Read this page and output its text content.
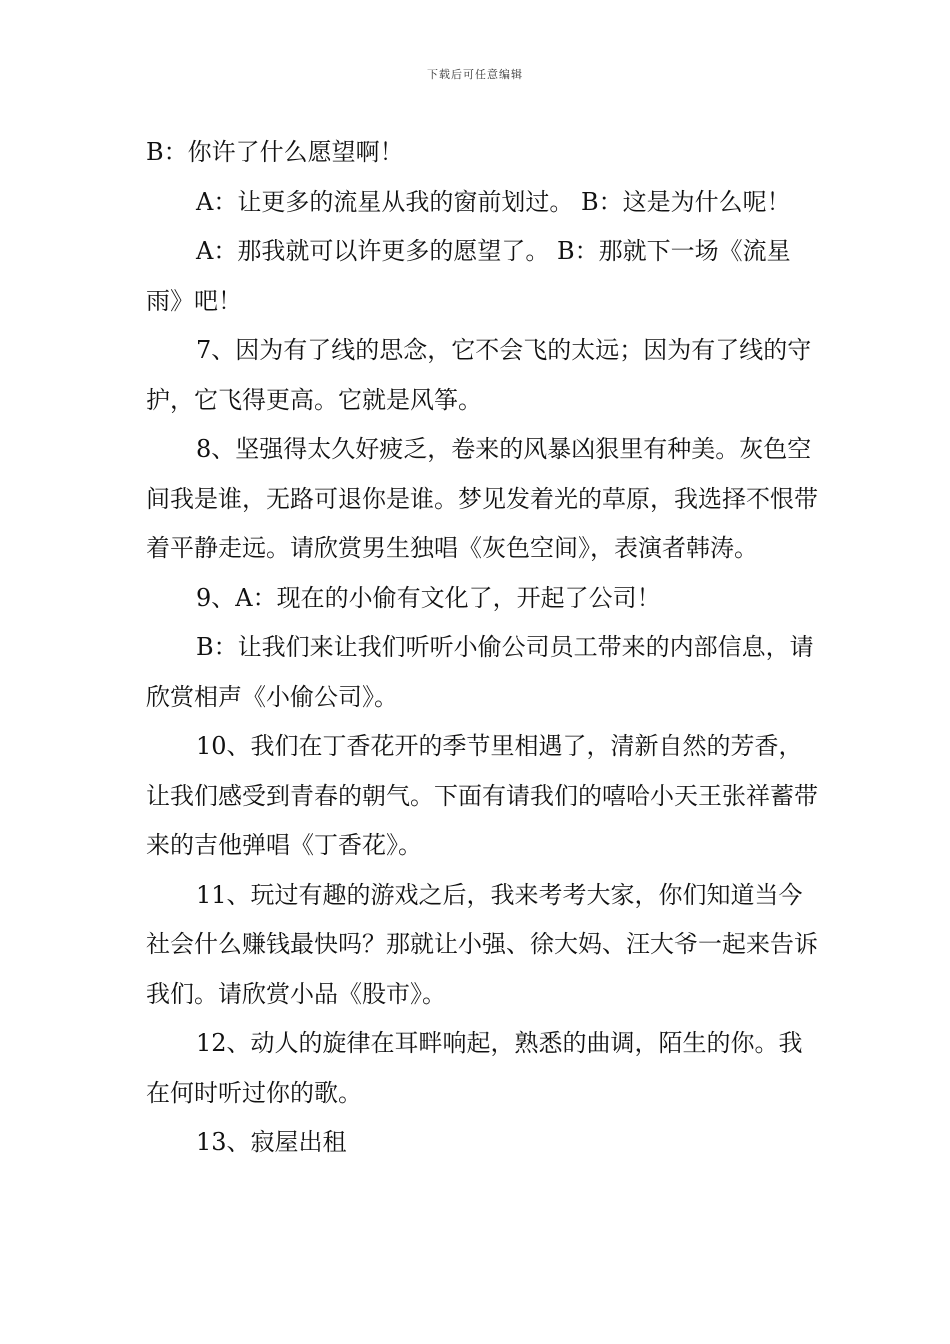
下载后可任意编辑

B：你许了什么愿望啊！

A：让更多的流星从我的窗前划过。 B：这是为什么呢！

A：那我就可以许更多的愿望了。 B：那就下一场《流星雨》吧！

7、因为有了线的思念，它不会飞的太远；因为有了线的守护，它飞得更高。它就是风筝。

8、坚强得太久好疲乏，卷来的风暴凶狠里有种美。灰色空间我是谁，无路可退你是谁。梦见发着光的草原，我选择不恨带着平静走远。请欣赏男生独唱《灰色空间》，表演者韩涛。

9、A：现在的小偷有文化了，开起了公司！

B：让我们来让我们听听小偷公司员工带来的内部信息，请欣赏相声《小偷公司》。

10、我们在丁香花开的季节里相遇了，清新自然的芳香，让我们感受到青春的朝气。下面有请我们的嘻哈小天王张祥蓄带来的吉他弹唱《丁香花》。

11、玩过有趣的游戏之后，我来考考大家，你们知道当今社会什么赚钱最快吗？那就让小强、徐大妈、汪大爷一起来告诉我们。请欣赏小品《股市》。

12、动人的旋律在耳畔响起，熟悉的曲调，陌生的你。我在何时听过你的歌。

13、寂屋出租
